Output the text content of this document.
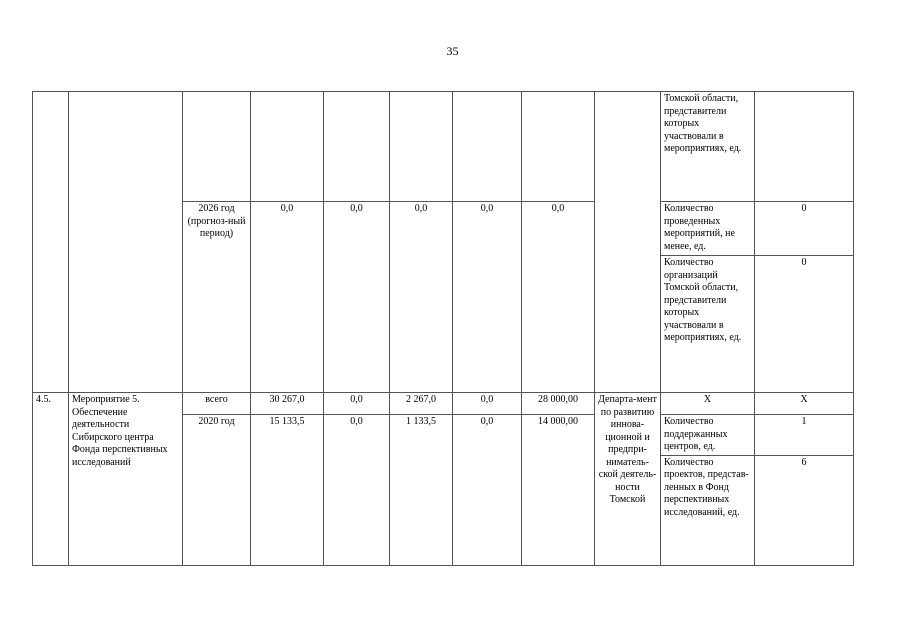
35
									Томской области, представители которых участвовали в мероприятиях, ед.	
		2026 год (прогноз-ный период)	0,0	0,0	0,0	0,0	0,0		Количество проведенных мероприятий, не менее, ед.	0
									Количество организаций Томской области, представители которых участвовали в мероприятиях, ед.	0
4.5.	Мероприятие 5. Обеспечение деятельности Сибирского центра Фонда перспективных исследований	всего	30 267,0	0,0	2 267,0	0,0	28 000,00	Департа-мент по развитию иннова-ционной и предпри-ниматель-ской деятель-ности Томской	Х	Х
		2020 год	15 133,5	0,0	1 133,5	0,0	14 000,00		Количество поддержанных центров, ед.	1
									Количество проектов, представ-ленных в Фонд перспективных исследований, ед.	6
